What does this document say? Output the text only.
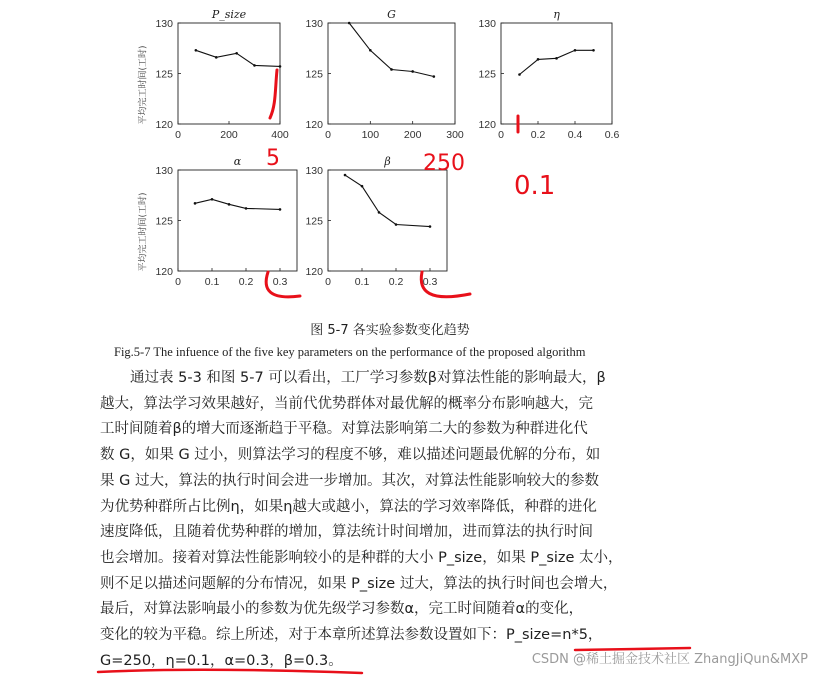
P_size
平均完工时间(工时)
120
125
130
0	200	400
G
120
125
130
0	100 200 300
η
120
125
130
0	0.2 0.4 0.6
α
平均完工时间(工时)
120
125
130
0 0.1 0.2 0.3
β
120
125
130
0 0.1 0.2 0.3
图 5-7 各实验参数变化趋势
Fig.5-7 The infuence of the five key parameters on the performance of the proposed algorithm

通过表 5-3 和图 5-7 可以看出，工厂学习参数β对算法性能的影响最大，β

越大，算法学习效果越好，当前代优势群体对最优解的概率分布影响越大，完

工时间随着β的增大而逐渐趋于平稳。对算法影响第二大的参数为种群进化代

数 G，如果 G 过小，则算法学习的程度不够，难以描述问题最优解的分布，如

果 G 过大，算法的执行时间会进一步增加。其次，对算法性能影响较大的参数

为优势种群所占比例η，如果η越大或越小，算法的学习效率降低，种群的进化

速度降低，且随着优势种群的增加，算法统计时间增加，进而算法的执行时间

也会增加。接着对算法性能影响较小的是种群的大小 P_size，如果 P_size 太小，

则不足以描述问题解的分布情况，如果 P_size 过大，算法的执行时间也会增大，

最后，对算法影响最小的参数为优先级学习参数α，完工时间随着α的变化，

变化的较为平稳。综上所述，对于本章所述算法参数设置如下：P_size=n*5，

G=250，η=0.1，α=0.3，β=0.3。	CSDN @稀土掘金技术社区 ZhangJiQun&MXP
5	250
0.1
